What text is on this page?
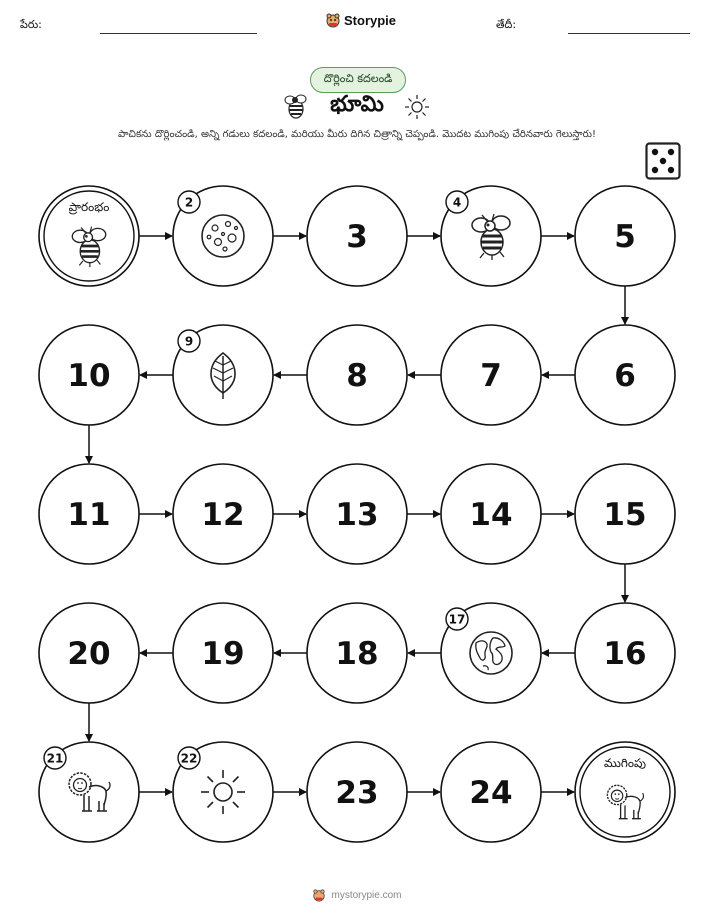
పేరు:	Storypie	తేదీ:
దొర్లించి కదలండి
భూమి
పాచికను దొర్లించండి, అన్ని గడులు కదలండి, మరియు మీరు దిగిన చిత్రాన్ని చెప్పండి. మొదట ముగింపు చేరినవారు గెలుస్తారు!
ప్రారంభం	2
3
4
5
6
7
8
9
10
11	12	13	14	15
16
17
18
19
20
21	22
23	24
ముగింపు
mystorypie.com
